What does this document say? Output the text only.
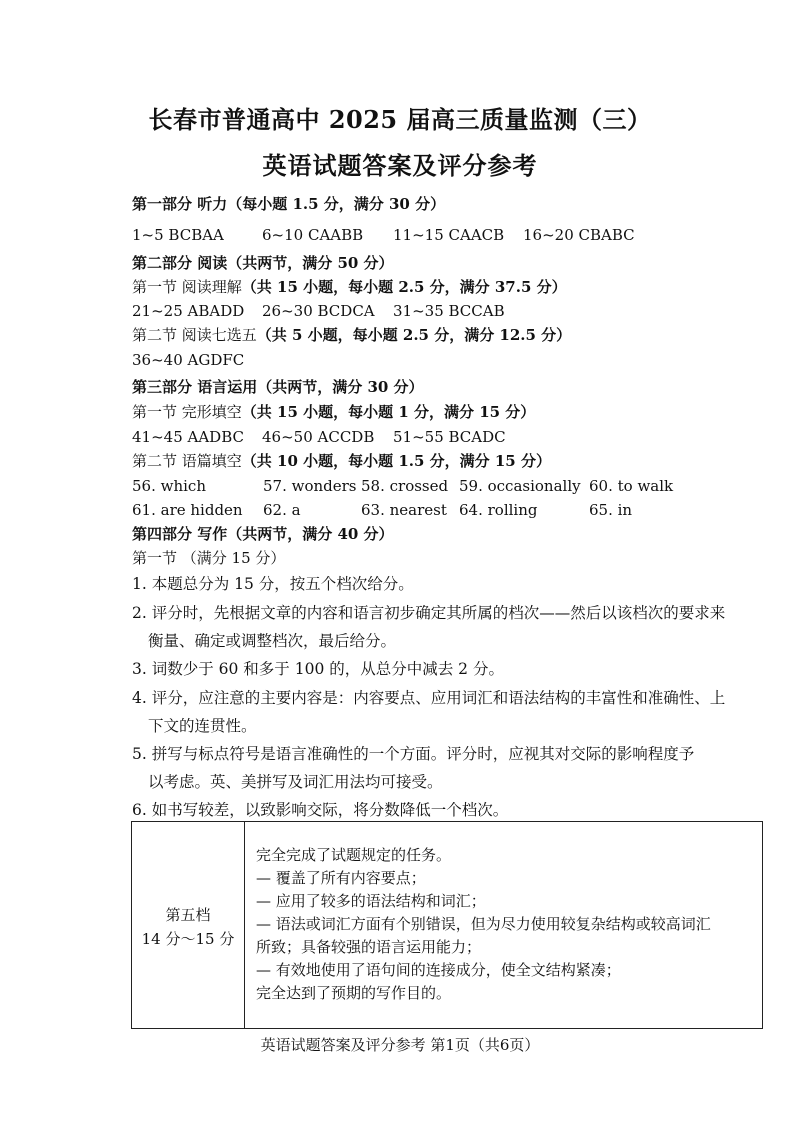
长春市普通高中 2025 届高三质量监测（三）
英语试题答案及评分参考
第一部分 听力（每小题 1.5 分，满分 30 分）
1~5 BCBAA	6~10 CAABB 11~15 CAACB 16~20 CBABC
第二部分 阅读（共两节，满分 50 分）
第一节 阅读理解（共 15 小题，每小题 2.5 分，满分 37.5 分）
21~25 ABADD 26~30 BCDCA 31~35 BCCAB
第二节 阅读七选五（共 5 小题，每小题 2.5 分，满分 12.5 分）
36~40 AGDFC
第三部分 语言运用（共两节，满分 30 分）
第一节 完形填空（共 15 小题，每小题 1 分，满分 15 分）
41~45 AADBC 46~50 ACCDB 51~55 BCADC
第二节 语篇填空（共 10 小题，每小题 1.5 分，满分 15 分）
56. which	57. wonders 58. crossed 59. occasionally 60. to walk
61. are hidden 62. a	63. nearest 64. rolling	65. in
第四部分 写作（共两节，满分 40 分）
第一节 （满分 15 分）
1. 本题总分为 15 分，按五个档次给分。
2. 评分时，先根据文章的内容和语言初步确定其所属的档次——然后以该档次的要求来
衡量、确定或调整档次，最后给分。
3. 词数少于 60 和多于 100 的，从总分中减去 2 分。
4. 评分，应注意的主要内容是：内容要点、应用词汇和语法结构的丰富性和准确性、上
下文的连贯性。
5. 拼写与标点符号是语言准确性的一个方面。评分时，应视其对交际的影响程度予
以考虑。英、美拼写及词汇用法均可接受。
6. 如书写较差，以致影响交际，将分数降低一个档次。
第五档
14 分～15 分
完全完成了试题规定的任务。
— 覆盖了所有内容要点；
— 应用了较多的语法结构和词汇；
— 语法或词汇方面有个别错误，但为尽力使用较复杂结构或较高词汇
所致；具备较强的语言运用能力；
— 有效地使用了语句间的连接成分，使全文结构紧凑；
完全达到了预期的写作目的。
英语试题答案及评分参考 第1页（共6页）
